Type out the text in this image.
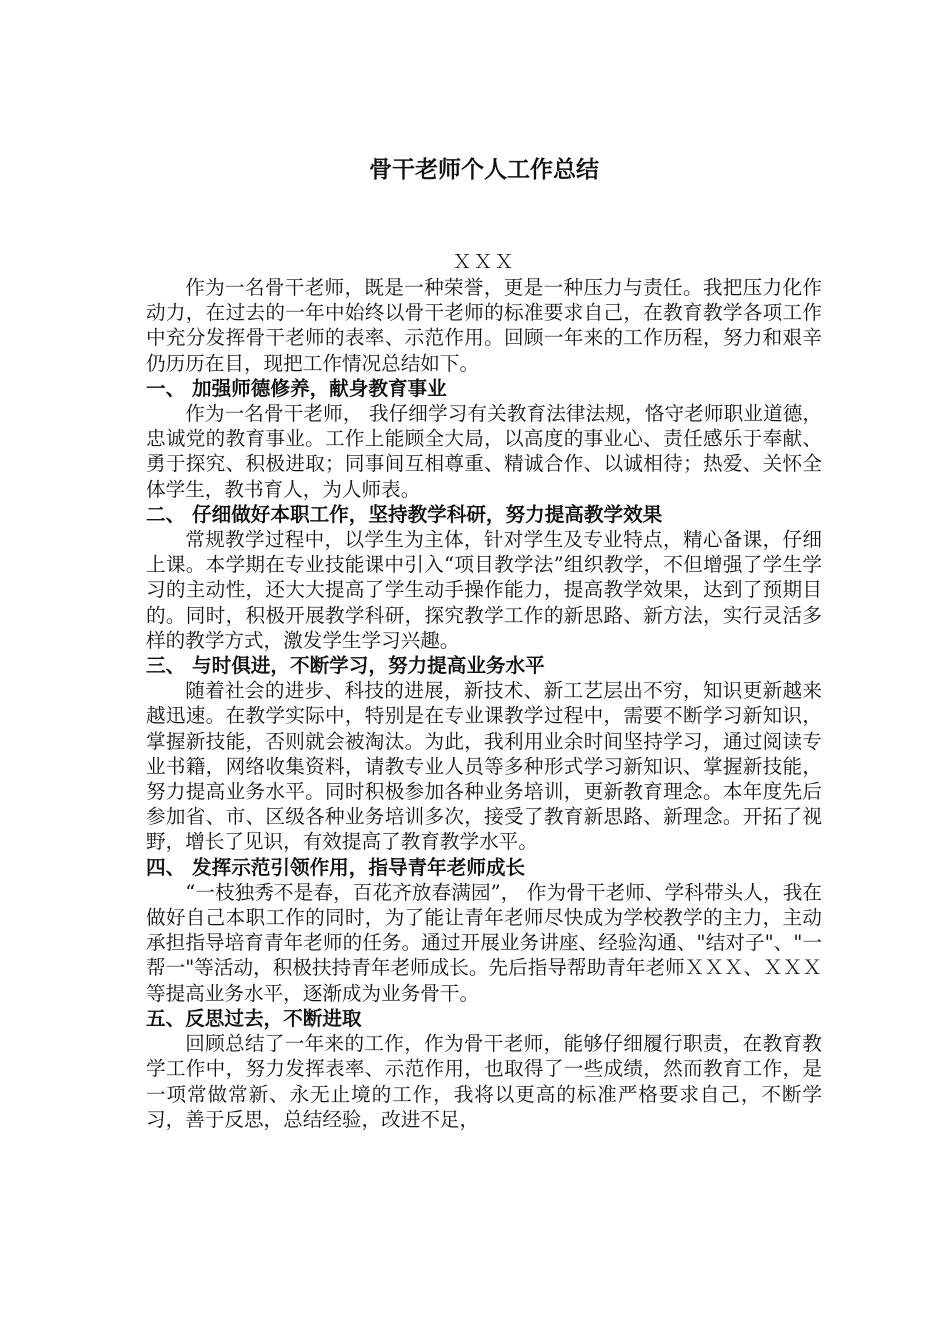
骨干老师个人工作总结
ＸＸＸ

作为一名骨干老师，既是一种荣誉，更是一种压力与责任。我把压力化作动力，在过去的一年中始终以骨干老师的标准要求自己，在教育教学各项工作中充分发挥骨干老师的表率、示范作用。回顾一年来的工作历程，努力和艰辛仍历历在目，现把工作情况总结如下。

一、 加强师德修养，献身教育事业

作为一名骨干老师， 我仔细学习有关教育法律法规，恪守老师职业道德，忠诚党的教育事业。工作上能顾全大局，以高度的事业心、责任感乐于奉献、勇于探究、积极进取；同事间互相尊重、精诚合作、以诚相待；热爱、关怀全体学生，教书育人，为人师表。

二、 仔细做好本职工作，坚持教学科研，努力提高教学效果

常规教学过程中，以学生为主体，针对学生及专业特点，精心备课，仔细上课。本学期在专业技能课中引入“项目教学法”组织教学，不但增强了学生学习的主动性，还大大提高了学生动手操作能力，提高教学效果，达到了预期目的。同时，积极开展教学科研，探究教学工作的新思路、新方法，实行灵活多样的教学方式，激发学生学习兴趣。

三、 与时俱进，不断学习，努力提高业务水平

随着社会的进步、科技的进展，新技术、新工艺层出不穷，知识更新越来越迅速。在教学实际中，特别是在专业课教学过程中，需要不断学习新知识，掌握新技能，否则就会被淘汰。为此，我利用业余时间坚持学习，通过阅读专业书籍，网络收集资料，请教专业人员等多种形式学习新知识、掌握新技能，努力提高业务水平。同时积极参加各种业务培训，更新教育理念。本年度先后参加省、市、区级各种业务培训多次，接受了教育新思路、新理念。开拓了视野，增长了见识，有效提高了教育教学水平。

四、 发挥示范引领作用，指导青年老师成长

“一枝独秀不是春，百花齐放春满园”， 作为骨干老师、学科带头人，我在做好自己本职工作的同时，为了能让青年老师尽快成为学校教学的主力，主动承担指导培育青年老师的任务。通过开展业务讲座、经验沟通、"结对子"、"一帮一"等活动，积极扶持青年老师成长。先后指导帮助青年老师ＸＸＸ、ＸＸＸ等提高业务水平，逐渐成为业务骨干。

五、反思过去，不断进取

回顾总结了一年来的工作，作为骨干老师，能够仔细履行职责，在教育教学工作中，努力发挥表率、示范作用，也取得了一些成绩，然而教育工作，是一项常做常新、永无止境的工作，我将以更高的标准严格要求自己，不断学习，善于反思，总结经验，改进不足，
